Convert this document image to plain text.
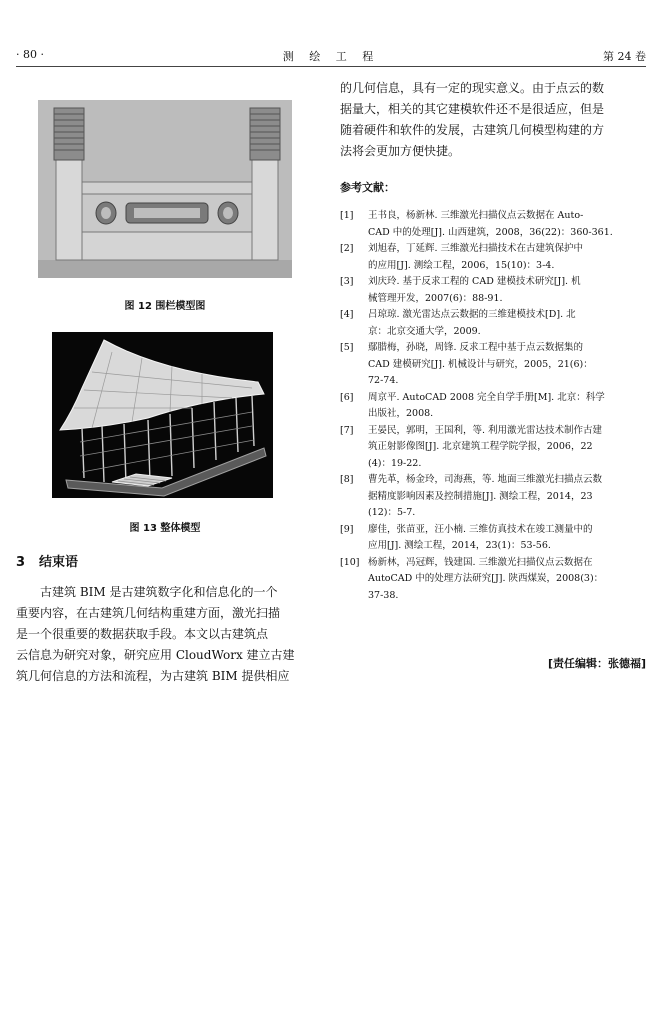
· 80 ·	测 绘 工 程	第 24 卷
图 12 围栏模型图
图 13 整体模型
3 结束语
古建筑 BIM 是古建筑数字化和信息化的一个
重要内容，在古建筑几何结构重建方面，激光扫描
是一个很重要的数据获取手段。本文以古建筑点
云信息为研究对象，研究应用 CloudWorx 建立古建
筑几何信息的方法和流程，为古建筑 BIM 提供相应
的几何信息，具有一定的现实意义。由于点云的数
据量大，相关的其它建模软件还不是很适应，但是
随着硬件和软件的发展，古建筑几何模型构建的方
法将会更加方便快捷。
参考文献：
[1]	王书良，杨新林. 三维激光扫描仪点云数据在 Auto-
CAD 中的处理[J]. 山西建筑，2008，36(22)：360-361.
[2]	刘旭春，丁延辉. 三维激光扫描技术在古建筑保护中
的应用[J]. 测绘工程，2006，15(10)：3-4.
[3]	刘庆玲. 基于反求工程的 CAD 建模技术研究[J]. 机
械管理开发，2007(6)：88-91.
[4]	吕琼琼. 激光雷达点云数据的三维建模技术[D]. 北
京：北京交通大学，2009.
[5]	鄢腊梅，孙晓，周锋. 反求工程中基于点云数据集的
CAD 建模研究[J]. 机械设计与研究，2005，21(6)：
72-74.
[6]	周京平. AutoCAD 2008 完全自学手册[M]. 北京：科学
出版社，2008.
[7]	王晏民，郭明，王国利，等. 利用激光雷达技术制作古建
筑正射影像图[J]. 北京建筑工程学院学报，2006，22
(4)：19-22.
[8]	曹先革，杨金玲，司海燕，等. 地面三维激光扫描点云数
据精度影响因素及控制措施[J]. 测绘工程，2014，23
(12)：5-7.
[9]	廖佳，张苗亚，汪小楠. 三维仿真技术在竣工测量中的
应用[J]. 测绘工程，2014，23(1)：53-56.
[10] 杨新林，冯冠辉，钱建国. 三维激光扫描仪点云数据在
AutoCAD 中的处理方法研究[J]. 陕西煤炭，2008(3)：
37-38.
[责任编辑：张德福]
